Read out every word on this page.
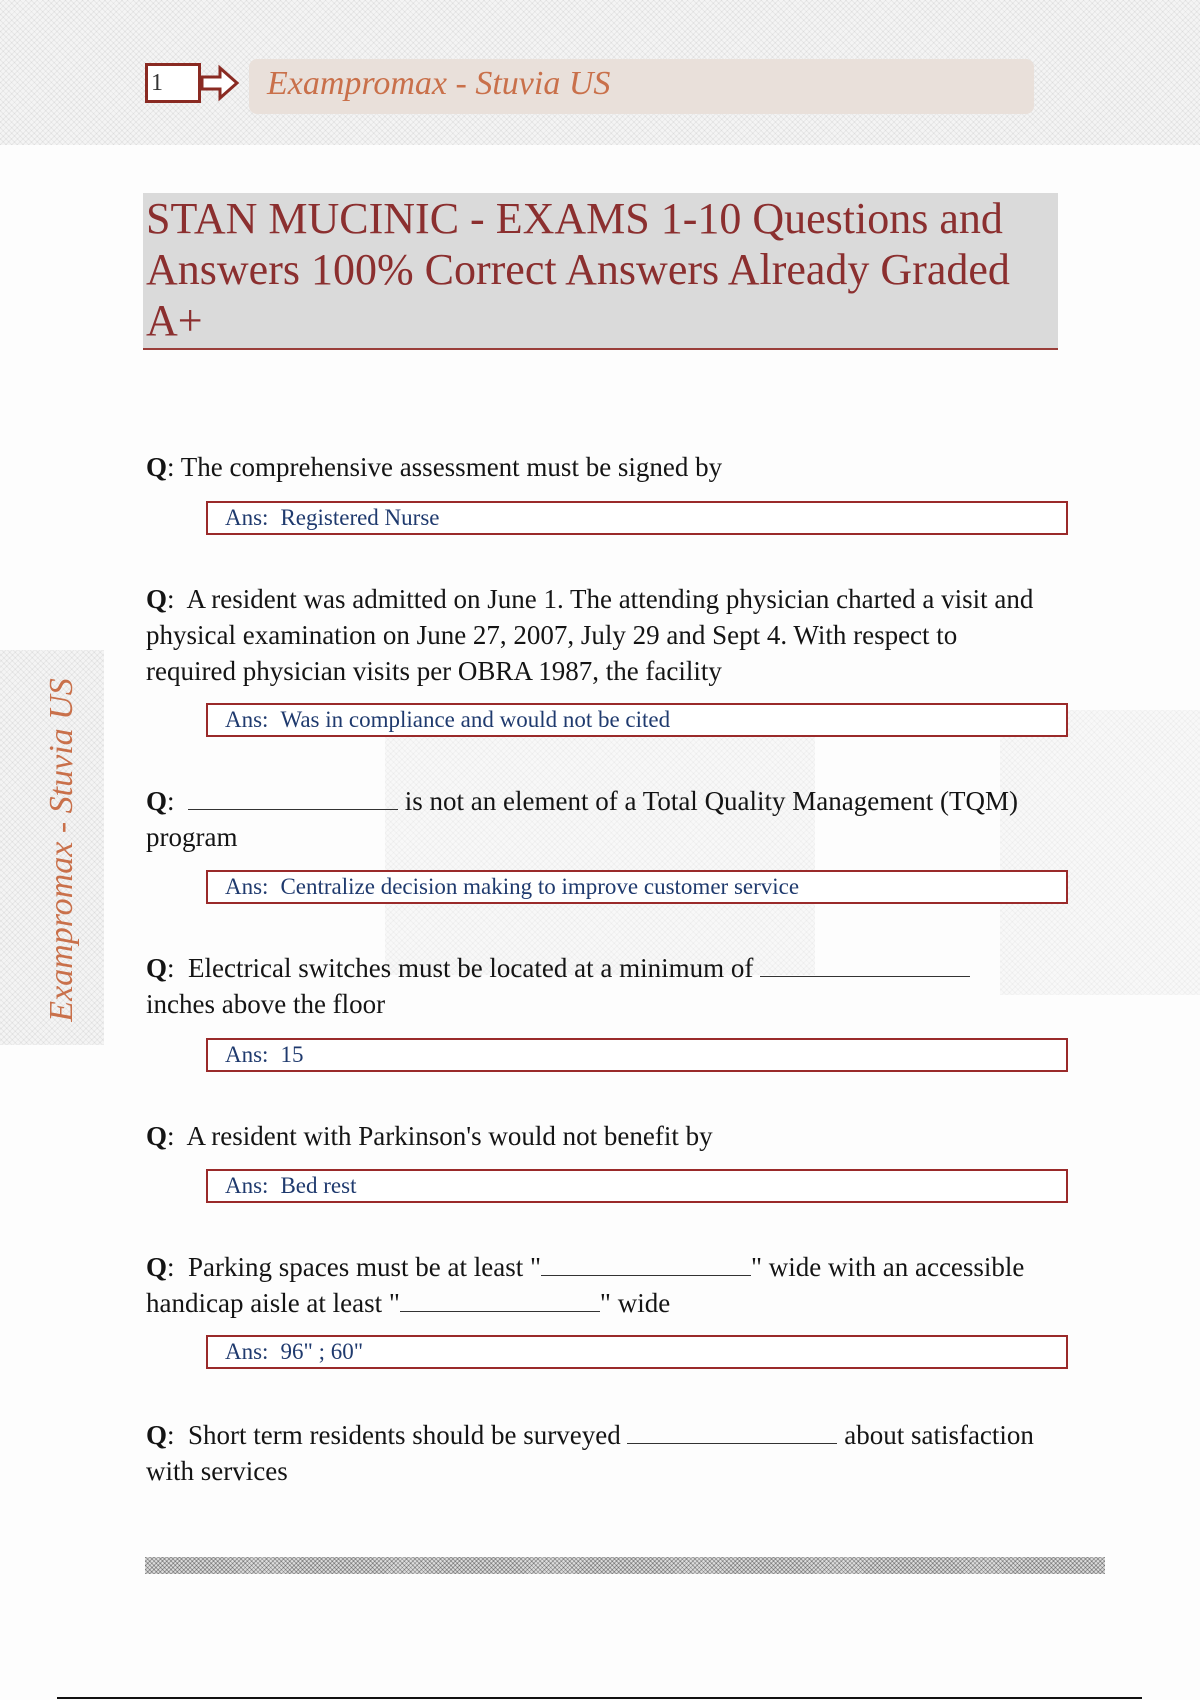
1	Exampromax - Stuvia US
Exampromax - Stuvia US
STAN MUCINIC - EXAMS 1-10 Questions and Answers 100% Correct Answers Already Graded A+
Q: The comprehensive assessment must be signed by
Ans: Registered Nurse
Q:  A resident was admitted on June 1. The attending physician charted a visit and physical examination on June 27, 2007, July 29 and Sept 4. With respect to required physician visits per OBRA 1987, the facility
Ans: Was in compliance and would not be cited
Q:	is not an element of a Total Quality Management (TQM) program
Ans: Centralize decision making to improve customer service
Q:  Electrical switches must be located at a minimum of  inches above the floor
Ans: 15
Q:  A resident with Parkinson's would not benefit by
Ans: Bed rest
Q:  Parking spaces must be at least "	" wide with an accessible handicap aisle at least "	" wide
Ans: 96" ; 60"
Q:  Short term residents should be surveyed	about satisfaction with services
